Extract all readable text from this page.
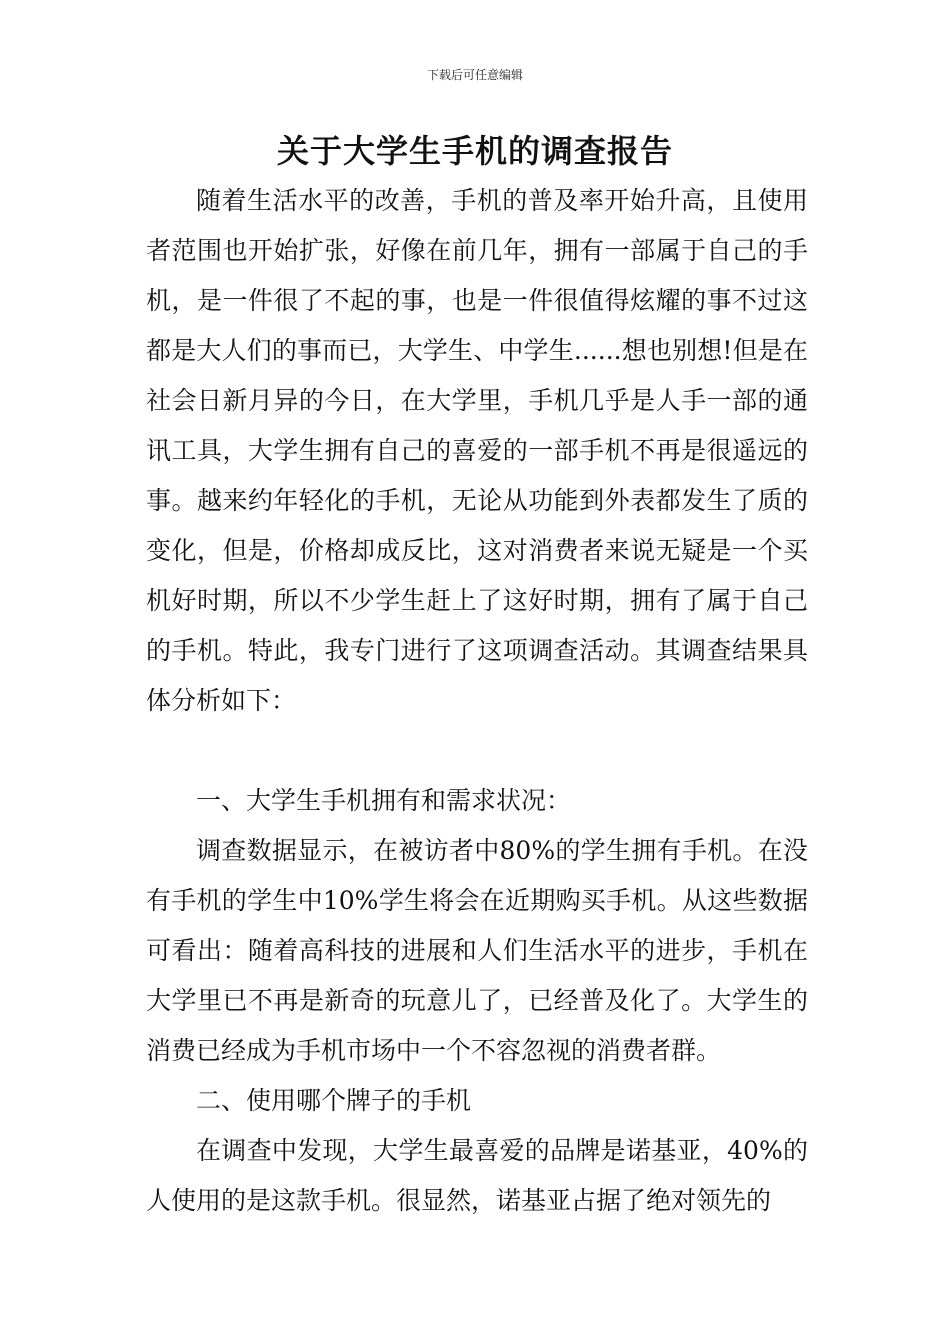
下载后可任意编辑
关于大学生手机的调查报告

随着生活水平的改善，手机的普及率开始升高，且使用者范围也开始扩张，好像在前几年，拥有一部属于自己的手机，是一件很了不起的事，也是一件很值得炫耀的事不过这都是大人们的事而已，大学生、中学生......想也别想!但是在社会日新月异的今日，在大学里，手机几乎是人手一部的通讯工具，大学生拥有自己的喜爱的一部手机不再是很遥远的事。越来约年轻化的手机，无论从功能到外表都发生了质的变化，但是，价格却成反比，这对消费者来说无疑是一个买机好时期，所以不少学生赶上了这好时期，拥有了属于自己的手机。特此，我专门进行了这项调查活动。其调查结果具体分析如下：

一、大学生手机拥有和需求状况：

调查数据显示，在被访者中80%的学生拥有手机。在没有手机的学生中10%学生将会在近期购买手机。从这些数据可看出：随着高科技的进展和人们生活水平的进步，手机在大学里已不再是新奇的玩意儿了，已经普及化了。大学生的消费已经成为手机市场中一个不容忽视的消费者群。

二、使用哪个牌子的手机

在调查中发现，大学生最喜爱的品牌是诺基亚，40%的人使用的是这款手机。很显然，诺基亚占据了绝对领先的
